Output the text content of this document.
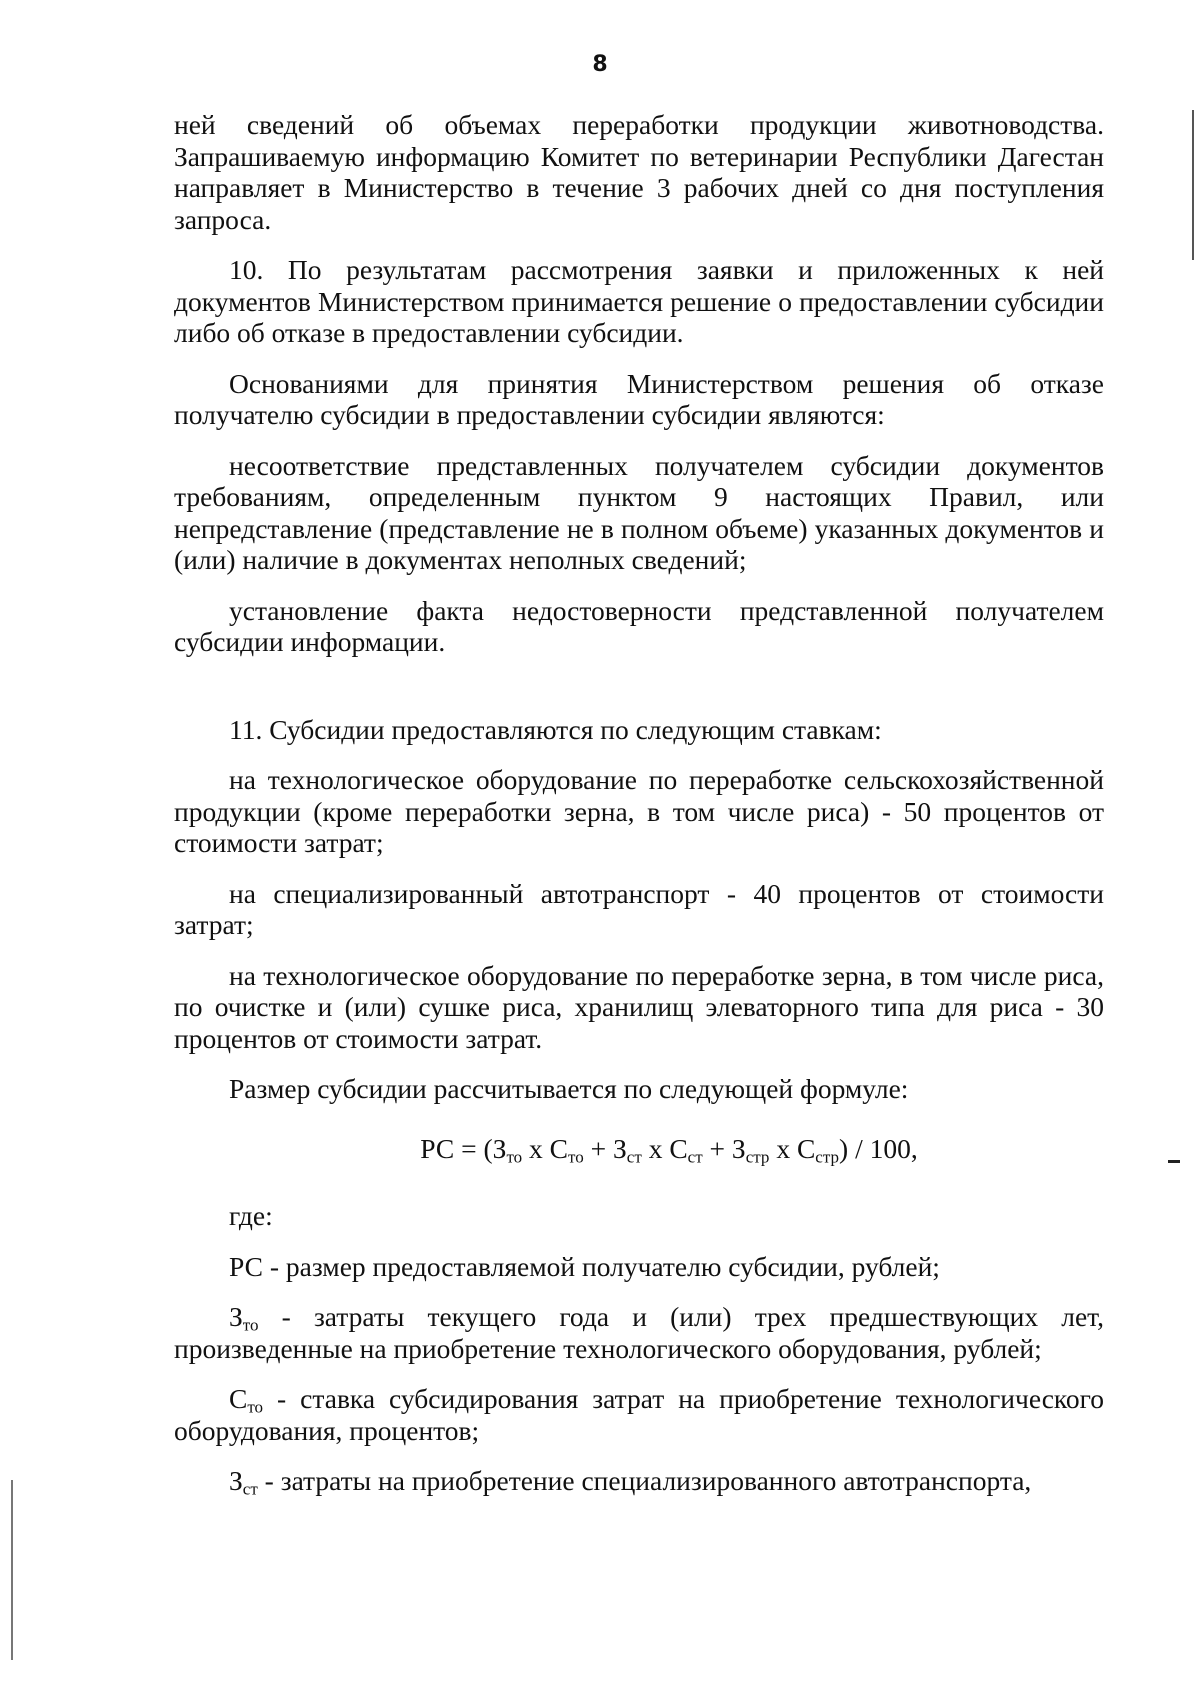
8

ней сведений об объемах переработки продукции животноводства. Запрашиваемую информацию Комитет по ветеринарии Республики Дагестан направляет в Министерство в течение 3 рабочих дней со дня поступления запроса.

10. По результатам рассмотрения заявки и приложенных к ней документов Министерством принимается решение о предоставлении субсидии либо об отказе в предоставлении субсидии.

Основаниями для принятия Министерством решения об отказе получателю субсидии в предоставлении субсидии являются:

несоответствие представленных получателем субсидии документов требованиям, определенным пунктом 9 настоящих Правил, или непредставление (представление не в полном объеме) указанных документов и (или) наличие в документах неполных сведений;

установление факта недостоверности представленной получателем субсидии информации.

11. Субсидии предоставляются по следующим ставкам:

на технологическое оборудование по переработке сельскохозяйственной продукции (кроме переработки зерна, в том числе риса) - 50 процентов от стоимости затрат;

на специализированный автотранспорт - 40 процентов от стоимости затрат;

на технологическое оборудование по переработке зерна, в том числе риса, по очистке и (или) сушке риса, хранилищ элеваторного типа для риса - 30 процентов от стоимости затрат.

Размер субсидии рассчитывается по следующей формуле:

РС = ($З_{то}$ x $С_{то} + З_{ст}$ x $С_{ст} + З_{стр}$ x $С_{стр}) / 100$,

где:

РС - размер предоставляемой получателю субсидии, рублей;

$З_{то}$ - затраты текущего года и (или) трех предшествующих лет, произведенные на приобретение технологического оборудования, рублей;

$С_{то}$ - ставка субсидирования затрат на приобретение технологического оборудования, процентов;

$З_{ст}$ - затраты на приобретение специализированного автотранспорта,
